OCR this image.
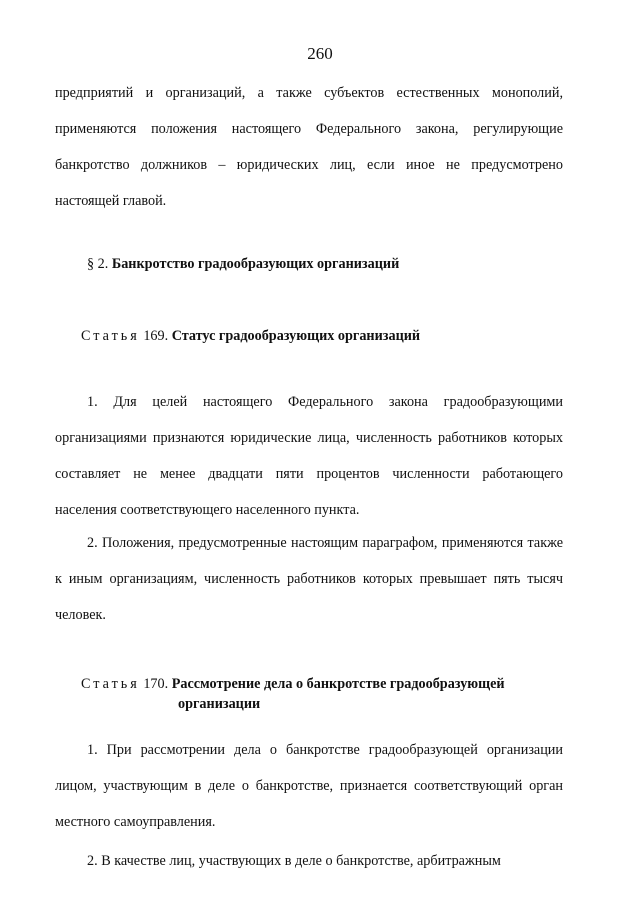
260
предприятий и организаций, а также субъектов естественных монополий, применяются положения настоящего Федерального закона, регулирующие банкротство должников – юридических лиц, если иное не предусмотрено настоящей главой.
§ 2. Банкротство градообразующих организаций
Статья 169. Статус градообразующих организаций
1. Для целей настоящего Федерального закона градообразующими организациями признаются юридические лица, численность работников которых составляет не менее двадцати пяти процентов численности работающего населения соответствующего населенного пункта.
2. Положения, предусмотренные настоящим параграфом, применяются также к иным организациям, численность работников которых превышает пять тысяч человек.
Статья 170. Рассмотрение дела о банкротстве градообразующей
организации
1. При рассмотрении дела о банкротстве градообразующей организации лицом, участвующим в деле о банкротстве, признается соответствующий орган местного самоуправления.
2. В качестве лиц, участвующих в деле о банкротстве, арбитражным
